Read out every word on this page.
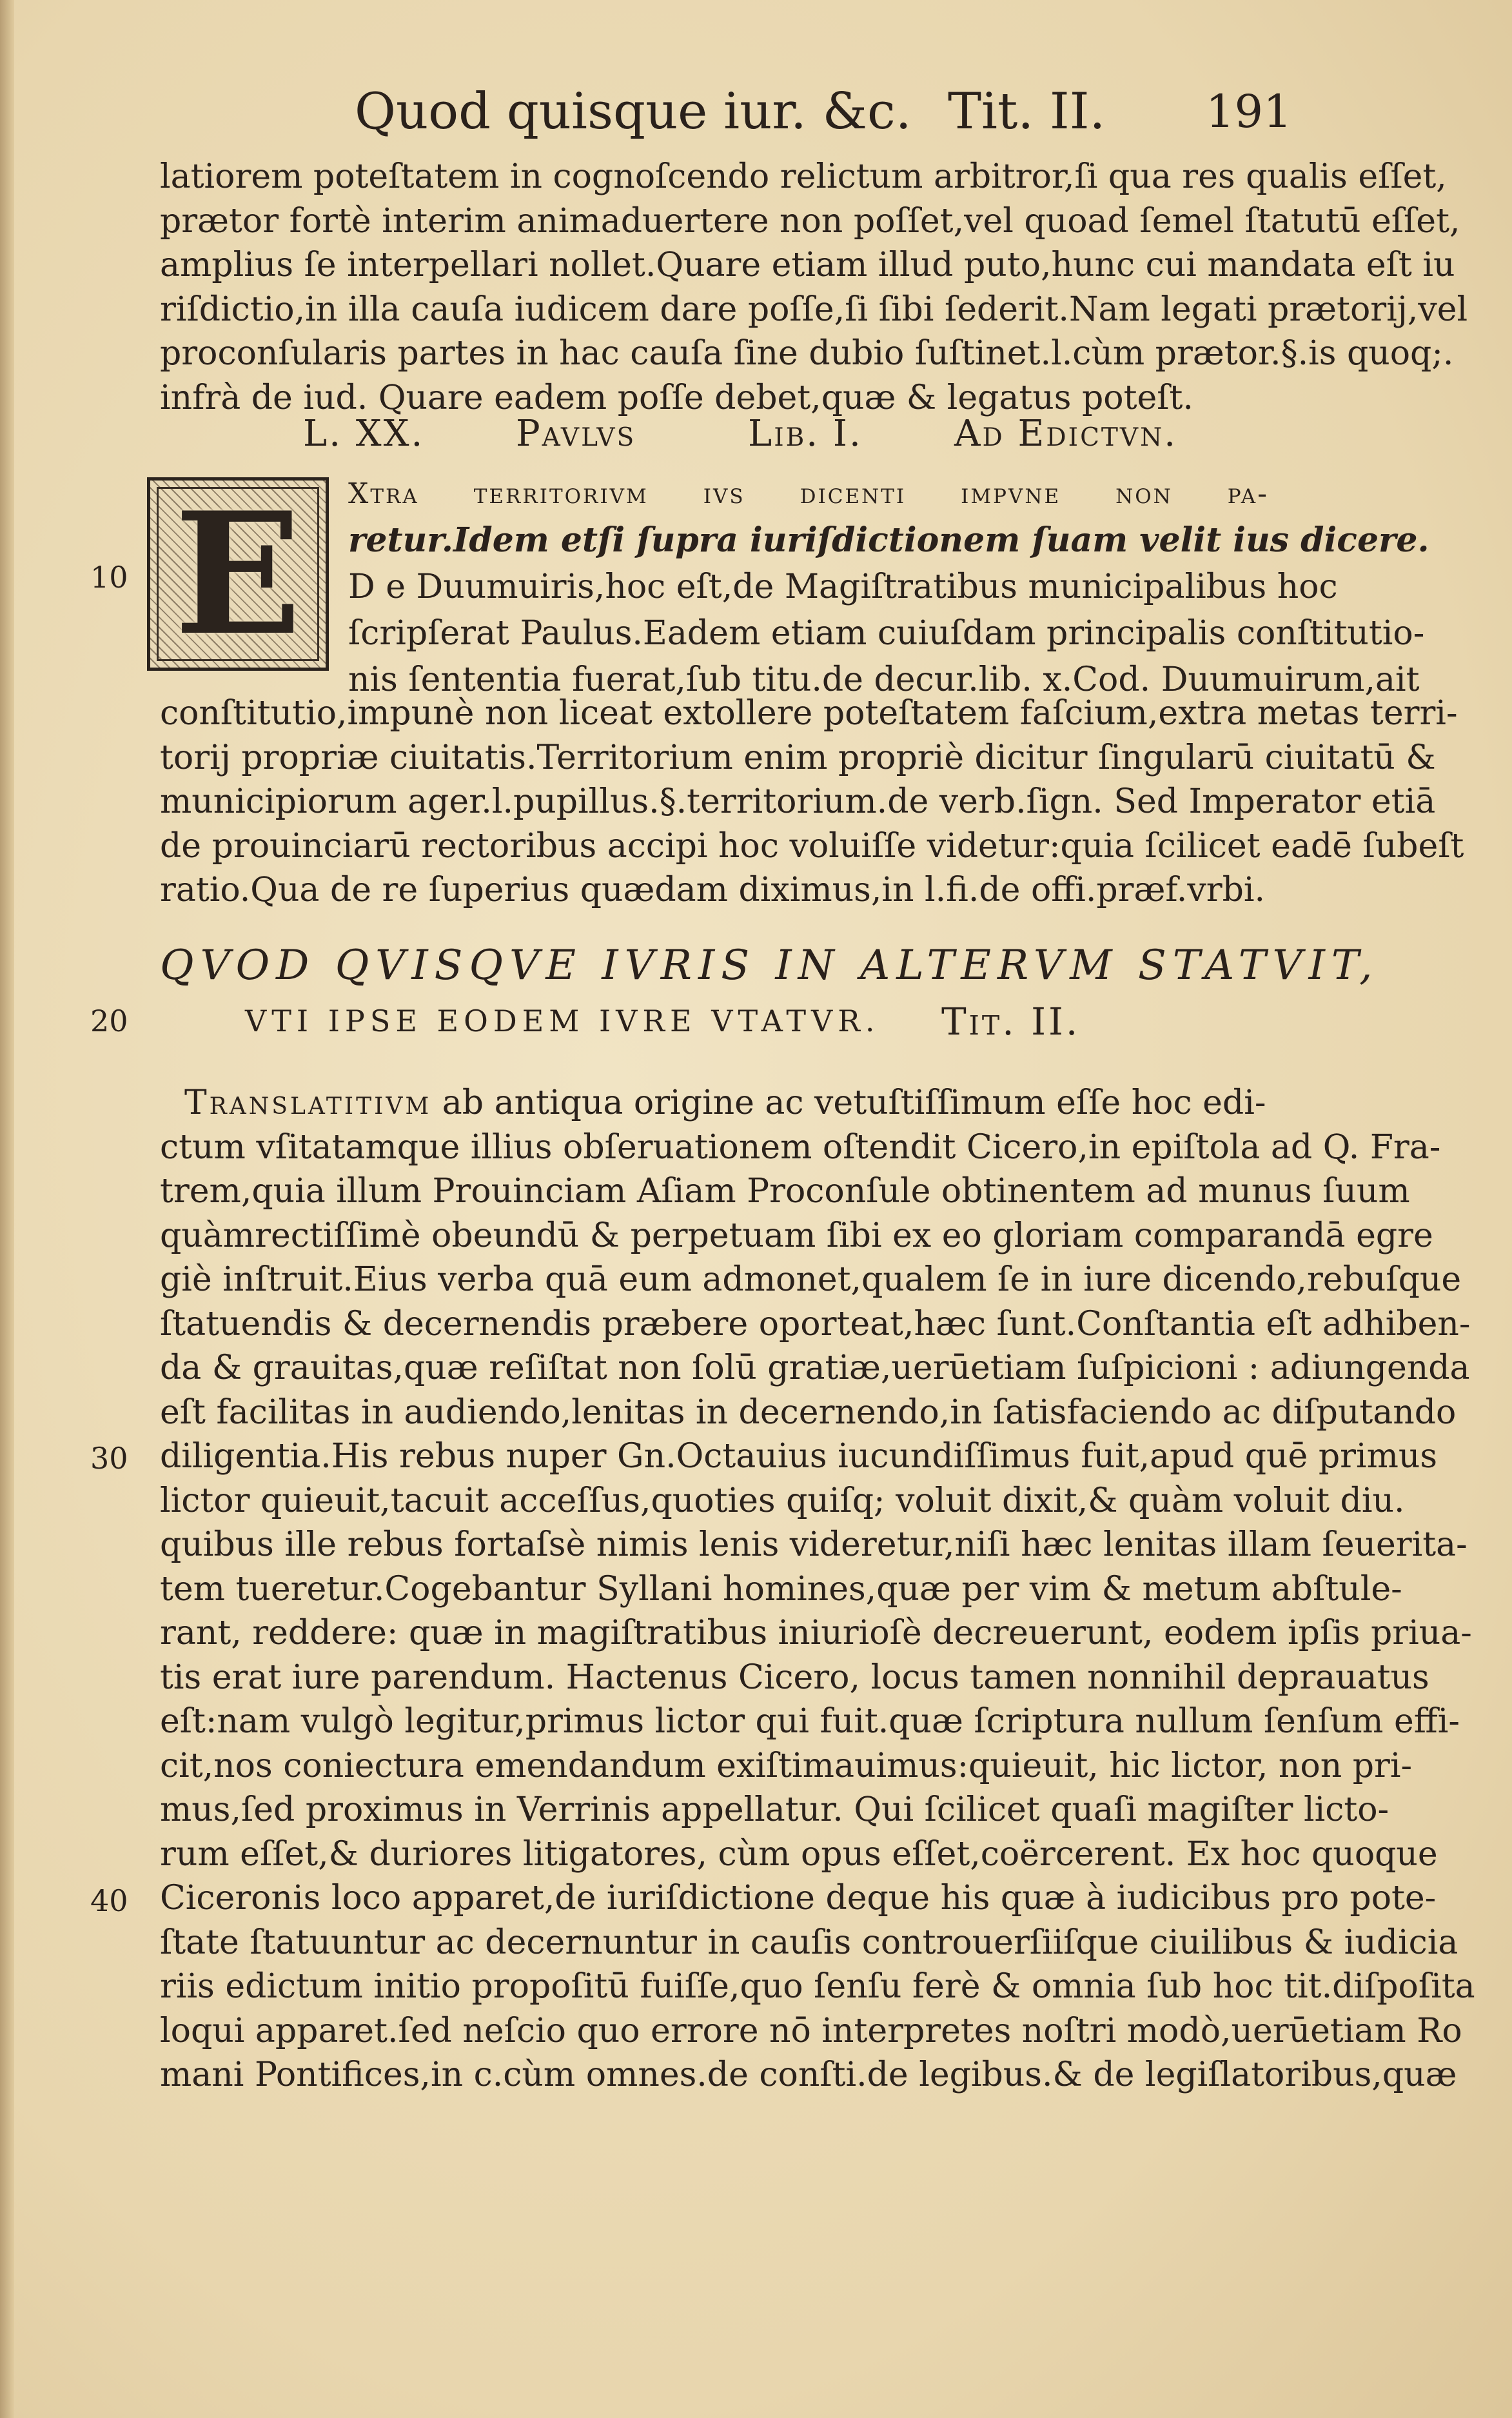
Quod quisque iur. &c. Tit. II. 191
latiorem poteſtatem in cognoſcendo relictum arbitror,ſi qua res qualis eſſet,
prætor fortè interim animaduertere non poſſet,vel quoad ſemel ſtatutū eſſet,
amplius ſe interpellari nollet.Quare etiam illud puto,hunc cui mandata eſt iu
riſdictio,in illa cauſa iudicem dare poſſe,ſi ſibi ſederit.Nam legati prætorij,vel
proconſularis partes in hac cauſa ſine dubio ſuſtinet.l.cùm prætor.§.is quoq;.
infrà de iud. Quare eadem poſſe debet,quæ & legatus poteſt.
L. XX.	Pavlvs	Lib. I.	Ad Edictvn.
E	Xtra territorivm ivs dicenti impvne non pa-
retur.Idem etſi ſupra iuriſdictionem ſuam velit ius dicere.
D e Duumuiris,hoc eſt,de Magiſtratibus municipalibus hoc
ſcripſerat Paulus.Eadem etiam cuiuſdam principalis conſtitutio-
nis ſententia fuerat,ſub titu.de decur.lib. x.Cod. Duumuirum,ait
10
conſtitutio,impunè non liceat extollere poteſtatem faſcium,extra metas terri-
torij propriæ ciuitatis.Territorium enim propriè dicitur ſingularū ciuitatū &
municipiorum ager.l.pupillus.§.territorium.de verb.ſign. Sed Imperator etiā
de prouinciarū rectoribus accipi hoc voluiſſe videtur:quia ſcilicet eadē ſubeſt
ratio.Qua de re ſuperius quædam diximus,in l.fi.de offi.præf.vrbi.
QVOD QVISQVE IVRIS IN ALTERVM STATVIT,
VTI IPSE EODEM IVRE VTATVR. Tit. II.
20
Translatitivm ab antiqua origine ac vetuſtiſſimum eſſe hoc edi-
ctum vſitatamque illius obſeruationem oſtendit Cicero,in epiſtola ad Q. Fra-
trem,quia illum Prouinciam Aſiam Proconſule obtinentem ad munus ſuum
quàmrectiſſimè obeundū & perpetuam ſibi ex eo gloriam comparandā egre
giè inſtruit.Eius verba quā eum admonet,qualem ſe in iure dicendo,rebuſque
ſtatuendis & decernendis præbere oporteat,hæc ſunt.Conſtantia eſt adhiben-
da & grauitas,quæ reſiſtat non ſolū gratiæ,uerūetiam ſuſpicioni : adiungenda
eſt facilitas in audiendo,lenitas in decernendo,in ſatisfaciendo ac diſputando
diligentia.His rebus nuper Gn.Octauius iucundiſſimus fuit,apud quē primus
lictor quieuit,tacuit acceſſus,quoties quiſq; voluit dixit,& quàm voluit diu.
quibus ille rebus fortaſsè nimis lenis videretur,niſi hæc lenitas illam ſeuerita-
tem tueretur.Cogebantur Syllani homines,quæ per vim & metum abſtule-
rant, reddere: quæ in magiſtratibus iniurioſè decreuerunt, eodem ipſis priua-
tis erat iure parendum. Hactenus Cicero, locus tamen nonnihil deprauatus
eſt:nam vulgò legitur,primus lictor qui fuit.quæ ſcriptura nullum ſenſum effi-
cit,nos coniectura emendandum exiſtimauimus:quieuit, hic lictor, non pri-
mus,ſed proximus in Verrinis appellatur. Qui ſcilicet quaſi magiſter licto-
rum eſſet,& duriores litigatores, cùm opus eſſet,coërcerent. Ex hoc quoque
Ciceronis loco apparet,de iuriſdictione deque his quæ à iudicibus pro pote-
ſtate ſtatuuntur ac decernuntur in cauſis controuerſiiſque ciuilibus & iudicia
riis edictum initio propoſitū fuiſſe,quo ſenſu ferè & omnia ſub hoc tit.diſpoſita
loqui apparet.ſed neſcio quo errore nō interpretes noſtri modò,uerūetiam Ro
mani Pontifices,in c.cùm omnes.de conſti.de legibus.& de legiſlatoribus,quæ
30
40
